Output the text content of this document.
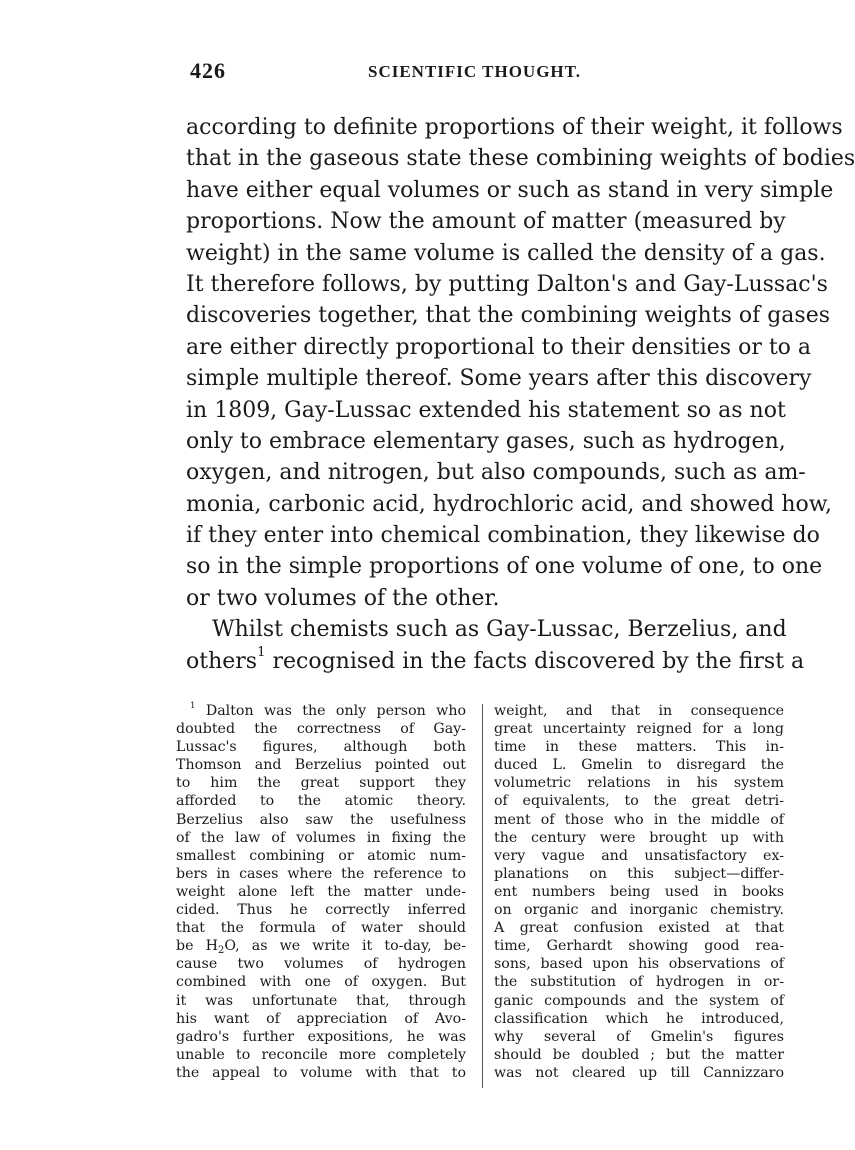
426	SCIENTIFIC THOUGHT.
according to definite proportions of their weight, it follows
that in the gaseous state these combining weights of bodies
have either equal volumes or such as stand in very simple
proportions. Now the amount of matter (measured by
weight) in the same volume is called the density of a gas.
It therefore follows, by putting Dalton's and Gay-Lussac's
discoveries together, that the combining weights of gases
are either directly proportional to their densities or to a
simple multiple thereof. Some years after this discovery
in 1809, Gay-Lussac extended his statement so as not
only to embrace elementary gases, such as hydrogen,
oxygen, and nitrogen, but also compounds, such as am-
monia, carbonic acid, hydrochloric acid, and showed how,
if they enter into chemical combination, they likewise do
so in the simple proportions of one volume of one, to one
or two volumes of the other.
Whilst chemists such as Gay-Lussac, Berzelius, and
others$^1$ recognised in the facts discovered by the first a
$^1$ Dalton was the only person who
doubted the correctness of Gay-
Lussac's figures, although both
Thomson and Berzelius pointed out
to him the great support they
afforded to the atomic theory.
Berzelius also saw the usefulness
of the law of volumes in fixing the
smallest combining or atomic num-
bers in cases where the reference to
weight alone left the matter unde-
cided. Thus he correctly inferred
that the formula of water should
be $H_2O$, as we write it to-day, be-
cause two volumes of hydrogen
combined with one of oxygen. But
it was unfortunate that, through
his want of appreciation of Avo-
gadro's further expositions, he was
unable to reconcile more completely
the appeal to volume with that to
weight, and that in consequence
great uncertainty reigned for a long
time in these matters. This in-
duced L. Gmelin to disregard the
volumetric relations in his system
of equivalents, to the great detri-
ment of those who in the middle of
the century were brought up with
very vague and unsatisfactory ex-
planations on this subject—differ-
ent numbers being used in books
on organic and inorganic chemistry.
A great confusion existed at that
time, Gerhardt showing good rea-
sons, based upon his observations of
the substitution of hydrogen in or-
ganic compounds and the system of
classification which he introduced,
why several of Gmelin's figures
should be doubled ; but the matter
was not cleared up till Cannizzaro
